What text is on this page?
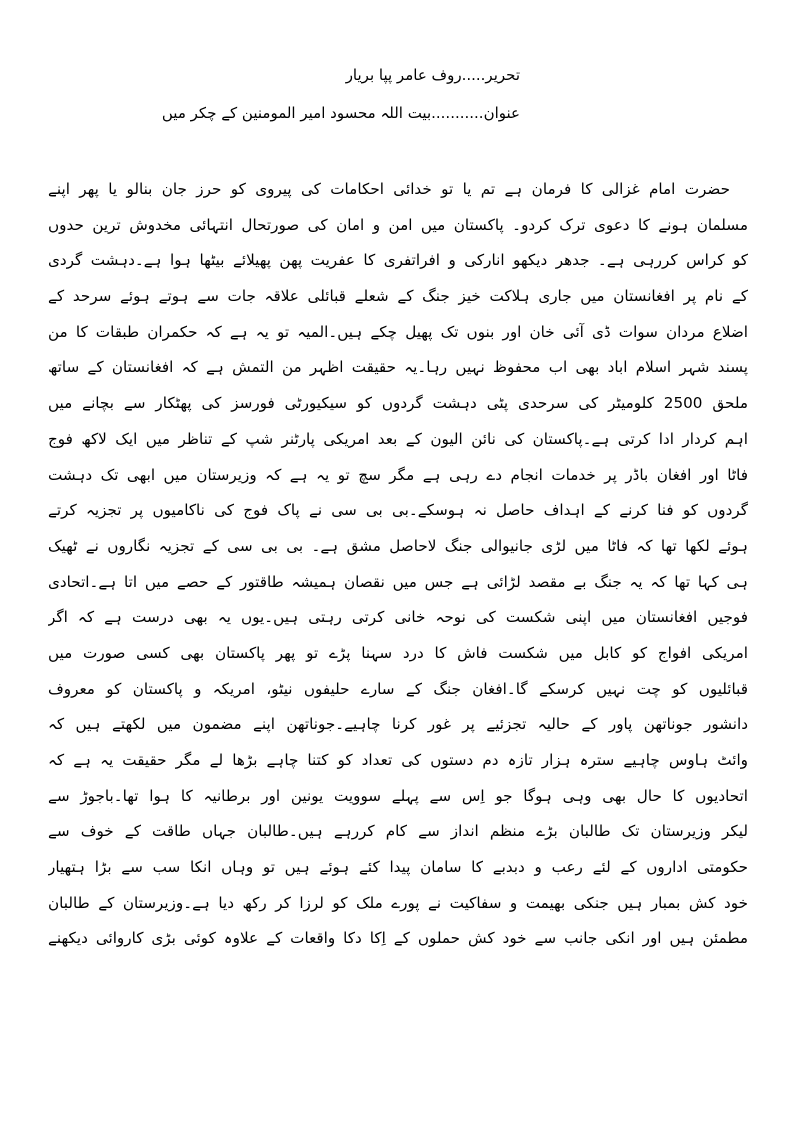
تحریر.....روف عامر پپا بریار
عنوان...........بیت اللہ محسود امیر المومنین کے چکر میں
حضرت امام غزالی کا فرمان ہے تم یا تو خدائی احکامات کی پیروی کو حرز جان بنالو یا پھر اپنے
مسلمان ہونے کا دعوی ترک کردو۔ پاکستان میں امن و امان کی صورتحال انتہائی مخدوش ترین حدوں
کو کراس کررہی ہے۔ جدھر دیکھو انارکی و افراتفری کا عفریت پھن پھیلائے بیٹھا ہوا ہے۔دہشت گردی
کے نام پر افغانستان میں جاری ہلاکت خیز جنگ کے شعلے قبائلی علاقہ جات سے ہوتے ہوئے سرحد کے
اضلاع مردان سوات ڈی آئی خان اور بنوں تک پھیل چکے ہیں۔المیہ تو یہ ہے کہ حکمران طبقات کا من
پسند شہر اسلام اباد بھی اب محفوظ نہیں رہا۔یہ حقیقت اظہر من التمش ہے کہ افغانستان کے ساتھ
ملحق 2500 کلومیٹر کی سرحدی پٹی دہشت گردوں کو سیکیورٹی فورسز کی پھٹکار سے بچانے میں
اہم کردار ادا کرتی ہے۔پاکستان کی نائن الیون کے بعد امریکی پارٹنر شپ کے تناظر میں ایک لاکھ فوج
فاٹا اور افغان باڈر پر خدمات انجام دے رہی ہے مگر سچ تو یہ ہے کہ وزیرستان میں ابھی تک دہشت
گردوں کو فنا کرنے کے اہداف حاصل نہ ہوسکے۔بی بی سی نے پاک فوج کی ناکامیوں پر تجزیہ کرتے
ہوئے لکھا تھا کہ فاٹا میں لڑی جانیوالی جنگ لاحاصل مشق ہے۔ بی بی سی کے تجزیہ نگاروں نے ٹھیک
ہی کہا تھا کہ یہ جنگ بے مقصد لڑائی ہے جس میں نقصان ہمیشہ طاقتور کے حصے میں اتا ہے۔اتحادی
فوجیں افغانستان میں اپنی شکست کی نوحہ خانی کرتی رہتی ہیں۔یوں یہ بھی درست ہے کہ اگر
امریکی افواج کو کابل میں شکست فاش کا درد سہنا پڑے تو پھر پاکستان بھی کسی صورت میں
قبائلیوں کو چت نہیں کرسکے گا۔افغان جنگ کے سارے حلیفوں نیٹو، امریکہ و پاکستان کو معروف
دانشور جوناتھن پاور کے حالیہ تجزئیے پر غور کرنا چاہیے۔جوناتھن اپنے مضمون میں لکھتے ہیں کہ
وائٹ ہاوس چاہیے سترہ ہزار تازہ دم دستوں کی تعداد کو کتنا چاہے بڑھا لے مگر حقیقت یہ ہے کہ
اتحادیوں کا حال بھی وہی ہوگا جو اِس سے پہلے سوویت یونین اور برطانیہ کا ہوا تھا۔باجوڑ سے
لیکر وزیرستان تک طالبان بڑے منظم انداز سے کام کررہے ہیں۔طالبان جہاں طاقت کے خوف سے
حکومتی اداروں کے لئے رعب و دبدبے کا سامان پیدا کئے ہوئے ہیں تو وہاں انکا سب سے بڑا ہتھیار
خود کش بمبار ہیں جنکی بھیمت و سفاکیت نے پورے ملک کو لرزا کر رکھ دیا ہے۔وزیرستان کے طالبان
مطمئن ہیں اور انکی جانب سے خود کش حملوں کے اِکا دکا واقعات کے علاوہ کوئی بڑی کاروائی دیکھنے
